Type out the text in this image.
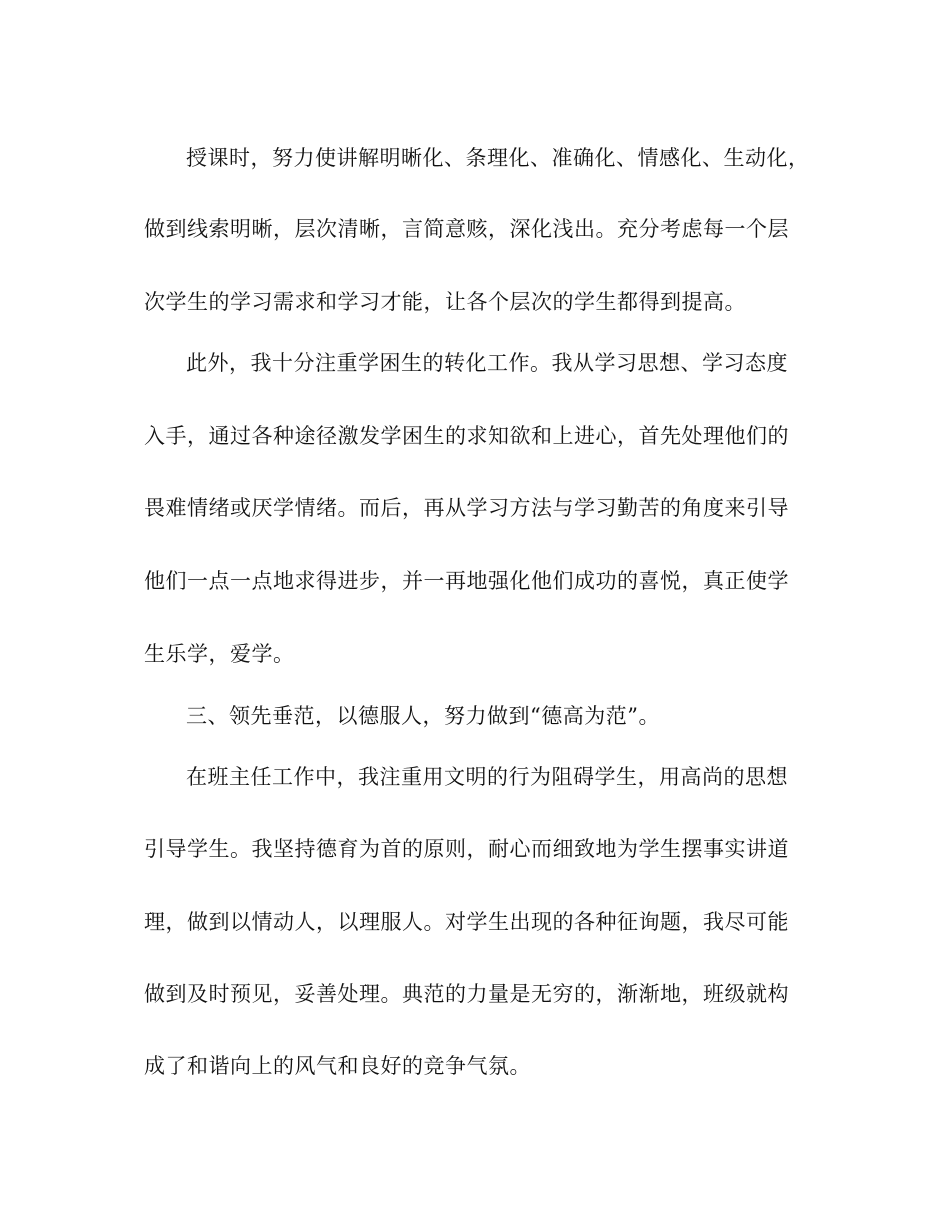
授课时，努力使讲解明晰化、条理化、准确化、情感化、生动化，
做到线索明晰，层次清晰，言简意赅，深化浅出。充分考虑每一个层
次学生的学习需求和学习才能，让各个层次的学生都得到提高。
此外，我十分注重学困生的转化工作。我从学习思想、学习态度
入手，通过各种途径激发学困生的求知欲和上进心，首先处理他们的
畏难情绪或厌学情绪。而后，再从学习方法与学习勤苦的角度来引导
他们一点一点地求得进步，并一再地强化他们成功的喜悦，真正使学
生乐学，爱学。
三、领先垂范，以德服人，努力做到“德高为范”。
在班主任工作中，我注重用文明的行为阻碍学生，用高尚的思想
引导学生。我坚持德育为首的原则，耐心而细致地为学生摆事实讲道
理，做到以情动人，以理服人。对学生出现的各种征询题，我尽可能
做到及时预见，妥善处理。典范的力量是无穷的，渐渐地，班级就构
成了和谐向上的风气和良好的竞争气氛。
